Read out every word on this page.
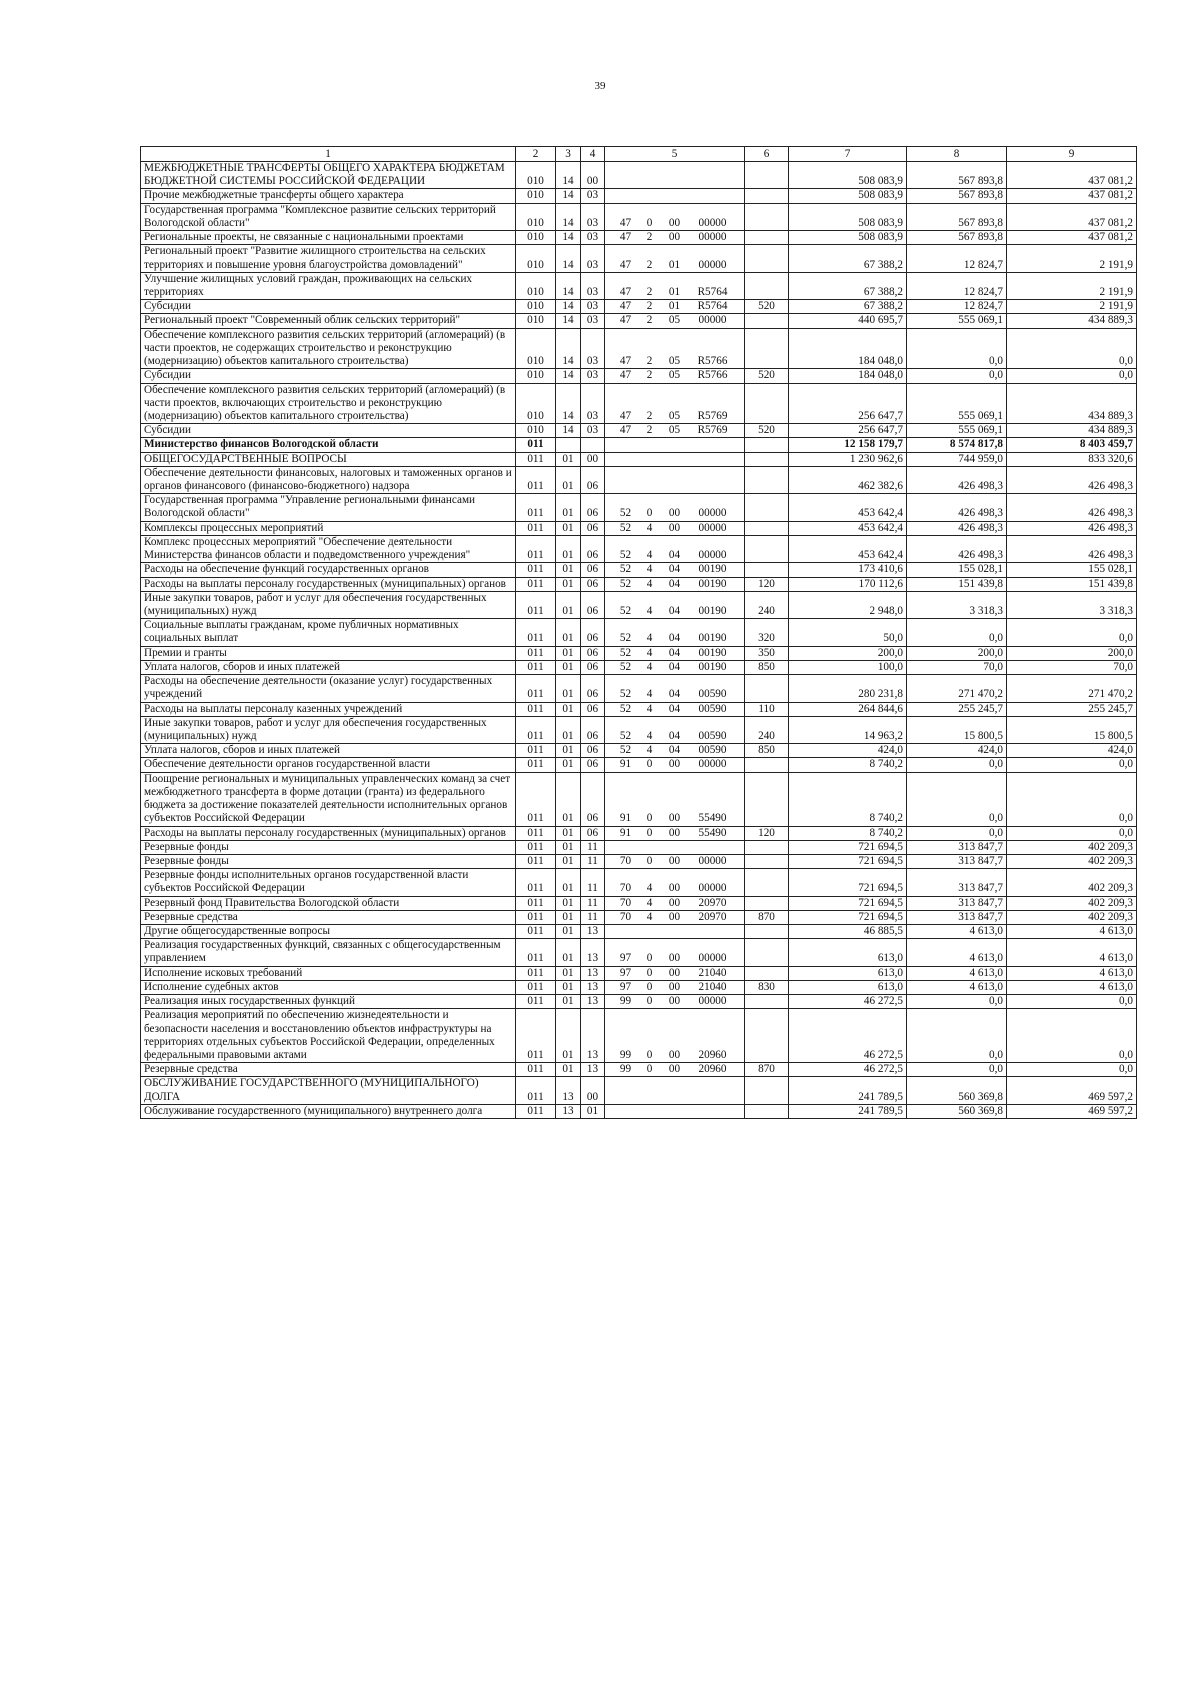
39
1	2	3	4	5	6	7	8	9
МЕЖБЮДЖЕТНЫЕ ТРАНСФЕРТЫ ОБЩЕГО ХАРАКТЕРА БЮДЖЕТАМ БЮДЖЕТНОЙ СИСТЕМЫ РОССИЙСКОЙ ФЕДЕРАЦИИ	010	14	00			508 083,9	567 893,8	437 081,2
Прочие межбюджетные трансферты общего характера	010	14	03			508 083,9	567 893,8	437 081,2
Государственная программа "Комплексное развитие сельских территорий Вологодской области"	010	14	03	47 0 00 00000		508 083,9	567 893,8	437 081,2
Региональные проекты, не связанные с национальными проектами	010	14	03	47 2 00 00000		508 083,9	567 893,8	437 081,2
Региональный проект "Развитие жилищного строительства на сельских территориях и повышение уровня благоустройства домовладений"	010	14	03	47 2 01 00000		67 388,2	12 824,7	2 191,9
Улучшение жилищных условий граждан, проживающих на сельских территориях	010	14	03	47 2 01 R5764		67 388,2	12 824,7	2 191,9
Субсидии	010	14	03	47 2 01 R5764	520	67 388,2	12 824,7	2 191,9
Региональный проект "Современный облик сельских территорий"	010	14	03	47 2 05 00000		440 695,7	555 069,1	434 889,3
Обеспечение комплексного развития сельских территорий (агломераций) (в части проектов, не содержащих строительство и реконструкцию (модернизацию) объектов капитального строительства)	010	14	03	47 2 05 R5766		184 048,0	0,0	0,0
Субсидии	010	14	03	47 2 05 R5766	520	184 048,0	0,0	0,0
Обеспечение комплексного развития сельских территорий (агломераций) (в части проектов, включающих строительство и реконструкцию (модернизацию) объектов капитального строительства)	010	14	03	47 2 05 R5769		256 647,7	555 069,1	434 889,3
Субсидии	010	14	03	47 2 05 R5769	520	256 647,7	555 069,1	434 889,3
Министерство финансов Вологодской области	011					12 158 179,7	8 574 817,8	8 403 459,7
ОБЩЕГОСУДАРСТВЕННЫЕ ВОПРОСЫ	011	01	00			1 230 962,6	744 959,0	833 320,6
Обеспечение деятельности финансовых, налоговых и таможенных органов и органов финансового (финансово-бюджетного) надзора	011	01	06			462 382,6	426 498,3	426 498,3
Государственная программа "Управление региональными финансами Вологодской области"	011	01	06	52 0 00 00000		453 642,4	426 498,3	426 498,3
Комплексы процессных мероприятий	011	01	06	52 4 00 00000		453 642,4	426 498,3	426 498,3
Комплекс процессных мероприятий "Обеспечение деятельности Министерства финансов области и подведомственного учреждения"	011	01	06	52 4 04 00000		453 642,4	426 498,3	426 498,3
Расходы на обеспечение функций государственных органов	011	01	06	52 4 04 00190		173 410,6	155 028,1	155 028,1
Расходы на выплаты персоналу государственных (муниципальных) органов	011	01	06	52 4 04 00190	120	170 112,6	151 439,8	151 439,8
Иные закупки товаров, работ и услуг для обеспечения государственных (муниципальных) нужд	011	01	06	52 4 04 00190	240	2 948,0	3 318,3	3 318,3
Социальные выплаты гражданам, кроме публичных нормативных социальных выплат	011	01	06	52 4 04 00190	320	50,0	0,0	0,0
Премии и гранты	011	01	06	52 4 04 00190	350	200,0	200,0	200,0
Уплата налогов, сборов и иных платежей	011	01	06	52 4 04 00190	850	100,0	70,0	70,0
Расходы на обеспечение деятельности (оказание услуг) государственных учреждений	011	01	06	52 4 04 00590		280 231,8	271 470,2	271 470,2
Расходы на выплаты персоналу казенных учреждений	011	01	06	52 4 04 00590	110	264 844,6	255 245,7	255 245,7
Иные закупки товаров, работ и услуг для обеспечения государственных (муниципальных) нужд	011	01	06	52 4 04 00590	240	14 963,2	15 800,5	15 800,5
Уплата налогов, сборов и иных платежей	011	01	06	52 4 04 00590	850	424,0	424,0	424,0
Обеспечение деятельности органов государственной власти	011	01	06	91 0 00 00000		8 740,2	0,0	0,0
Поощрение региональных и муниципальных управленческих команд за счет межбюджетного трансферта в форме дотации (гранта) из федерального бюджета за достижение показателей деятельности исполнительных органов субъектов Российской Федерации	011	01	06	91 0 00 55490		8 740,2	0,0	0,0
Расходы на выплаты персоналу государственных (муниципальных) органов	011	01	06	91 0 00 55490	120	8 740,2	0,0	0,0
Резервные фонды	011	01	11			721 694,5	313 847,7	402 209,3
Резервные фонды	011	01	11	70 0 00 00000		721 694,5	313 847,7	402 209,3
Резервные фонды исполнительных органов государственной власти субъектов Российской Федерации	011	01	11	70 4 00 00000		721 694,5	313 847,7	402 209,3
Резервный фонд Правительства Вологодской области	011	01	11	70 4 00 20970		721 694,5	313 847,7	402 209,3
Резервные средства	011	01	11	70 4 00 20970	870	721 694,5	313 847,7	402 209,3
Другие общегосударственные вопросы	011	01	13			46 885,5	4 613,0	4 613,0
Реализация государственных функций, связанных с общегосударственным управлением	011	01	13	97 0 00 00000		613,0	4 613,0	4 613,0
Исполнение исковых требований	011	01	13	97 0 00 21040		613,0	4 613,0	4 613,0
Исполнение судебных актов	011	01	13	97 0 00 21040	830	613,0	4 613,0	4 613,0
Реализация иных государственных функций	011	01	13	99 0 00 00000		46 272,5	0,0	0,0
Реализация мероприятий по обеспечению жизнедеятельности и безопасности населения и восстановлению объектов инфраструктуры на территориях отдельных субъектов Российской Федерации, определенных федеральными правовыми актами	011	01	13	99 0 00 20960		46 272,5	0,0	0,0
Резервные средства	011	01	13	99 0 00 20960	870	46 272,5	0,0	0,0
ОБСЛУЖИВАНИЕ ГОСУДАРСТВЕННОГО (МУНИЦИПАЛЬНОГО) ДОЛГА	011	13	00			241 789,5	560 369,8	469 597,2
Обслуживание государственного (муниципального) внутреннего долга	011	13	01			241 789,5	560 369,8	469 597,2
